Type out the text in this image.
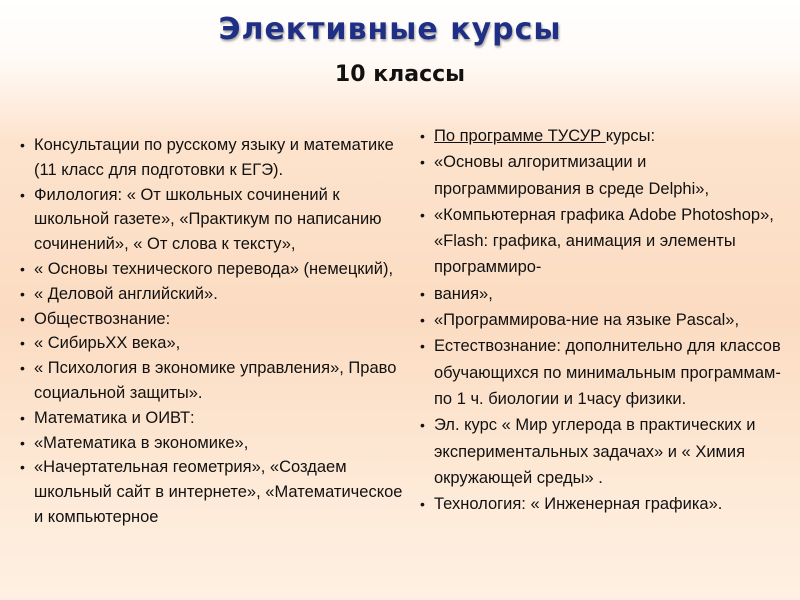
Элективные курсы
10 классы
• Консультации по русскому языку и математике (11 класс для подготовки к ЕГЭ).
• Филология: « От школьных сочинений к школьной газете», «Практикум по написанию сочинений», « От слова к тексту»,
• « Основы технического перевода» (немецкий),
• « Деловой английский».
• Обществознание:
• « СибирьХХ века»,
• « Психология в экономике управления», Право социальной защиты».
• Математика и ОИВТ:
• «Математика в экономике»,
• «Начертательная геометрия», «Создаем школьный сайт в интернете», «Математическое и компьютерное
• По программе ТУСУР курсы:
• «Основы алгоритмизации и программирования в среде Delphi»,
• «Компьютерная графика Adobe Photoshop», «Flash: графика, анимация и элементы программиро-
• вания»,
• «Программирова-ние на языке Pascal»,
• Естествознание: дополнительно для классов обучающихся по минимальным программам- по 1 ч. биологии и 1часу физики.
• Эл. курс « Мир углерода в практических и экспериментальных задачах» и « Химия окружающей среды» .
• Технология: « Инженерная графика».
